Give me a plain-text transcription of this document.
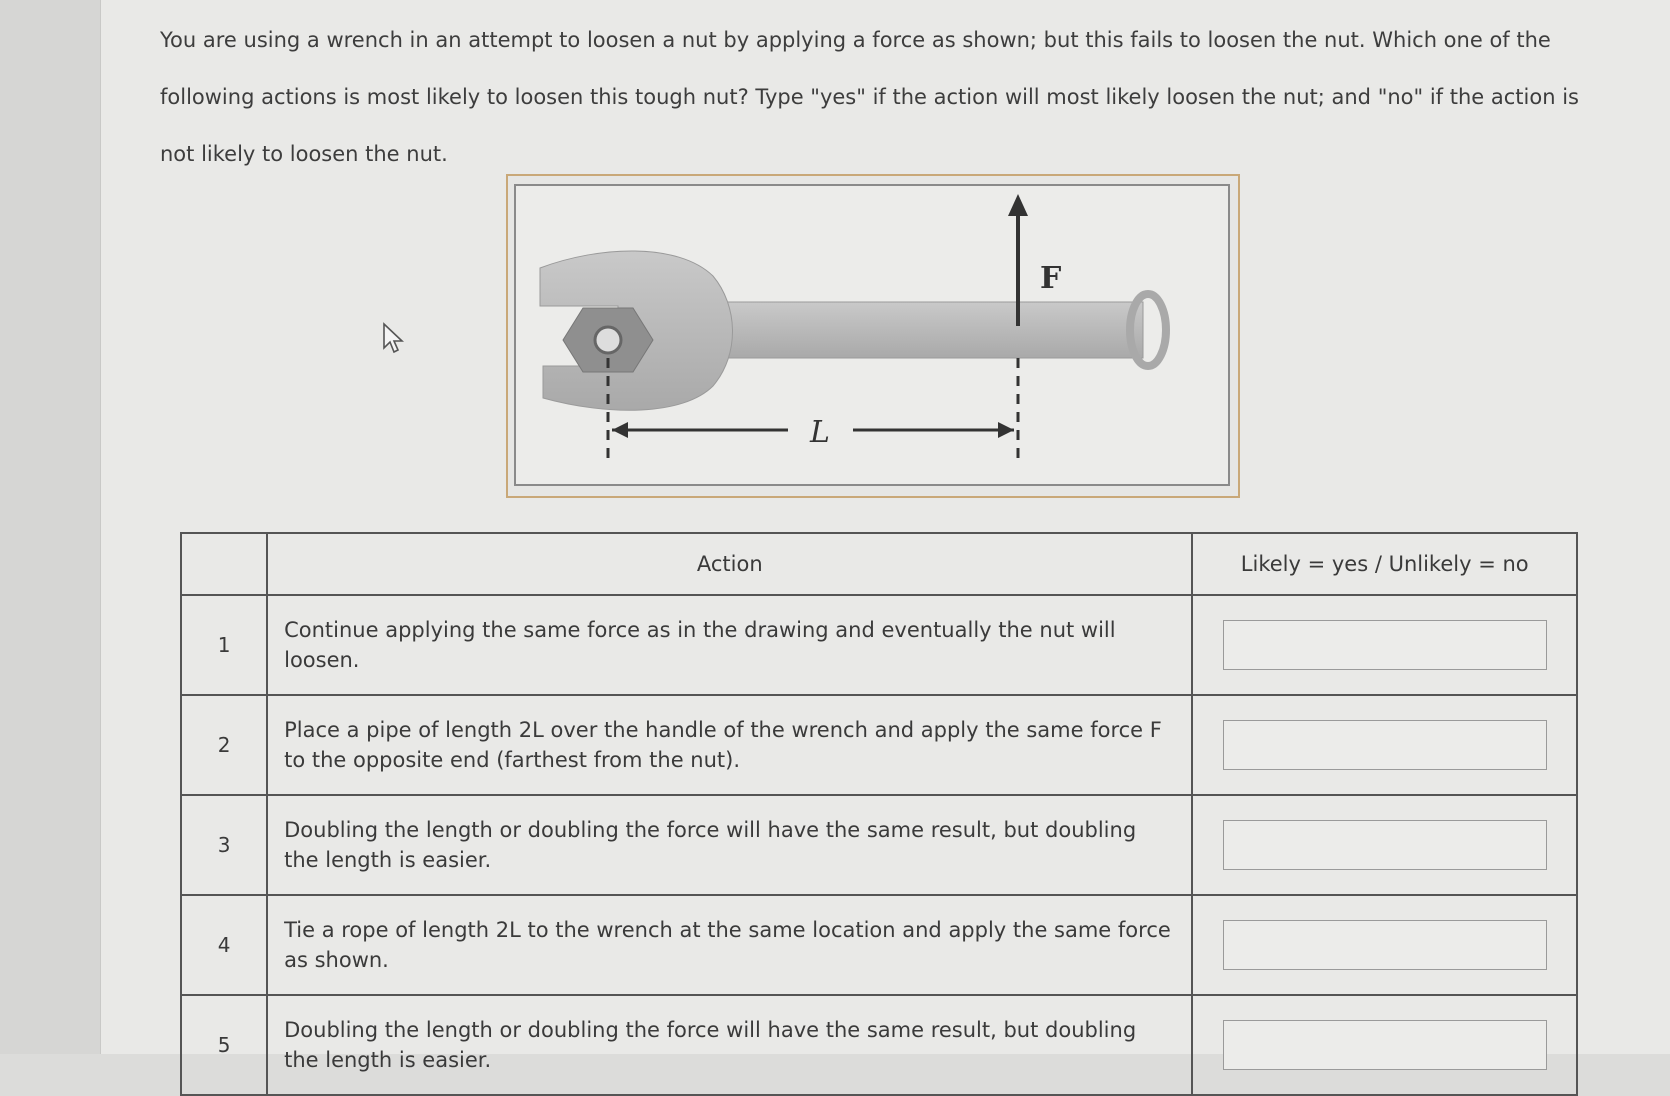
You are using a wrench in an attempt to loosen a nut by applying a force as shown; but this fails to loosen the nut. Which one of the following actions is most likely to loosen this tough nut? Type "yes" if the action will most likely loosen the nut; and "no" if the action is not likely to loosen the nut.
L
F
	Action	Likely = yes / Unlikely = no
1	Continue applying the same force as in the drawing and eventually the nut will loosen.	
2	Place a pipe of length 2L over the handle of the wrench and apply the same force F to the opposite end (farthest from the nut).	
3	Doubling the length or doubling the force will have the same result, but doubling the length is easier.	
4	Tie a rope of length 2L to the wrench at the same location and apply the same force as shown.	
5	Doubling the length or doubling the force will have the same result, but doubling the length is easier.	
